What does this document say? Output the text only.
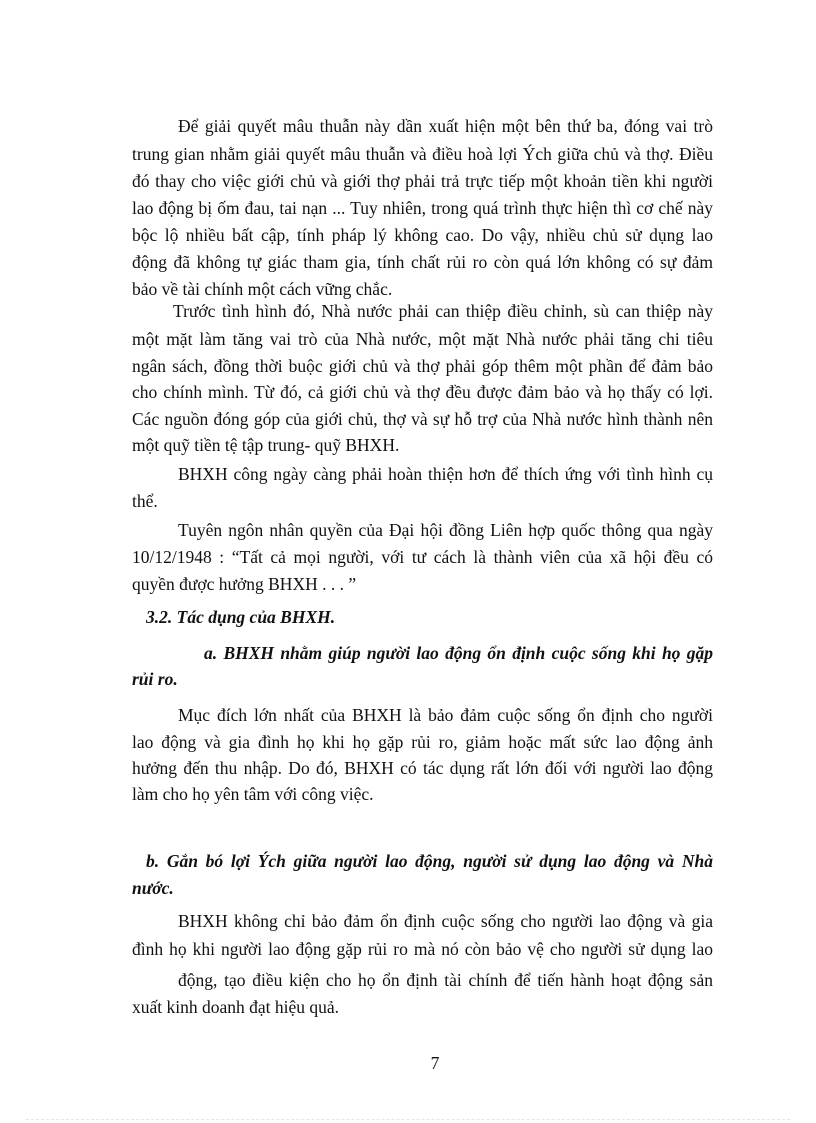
Để giải quyết mâu thuẫn này dần xuất hiện một bên thứ ba, đóng vai trò
trung gian nhằm giải quyết mâu thuẫn và điều hoà lợi Ých giữa chủ và thợ. Điều
đó thay cho việc giới chủ và giới thợ phải trả trực tiếp một khoản tiền khi người
lao động bị ốm đau, tai nạn ... Tuy nhiên, trong quá trình thực hiện thì cơ chế này
bộc lộ nhiều bất cập, tính pháp lý không cao. Do vậy, nhiều chủ sử dụng lao
động đã không tự giác tham gia, tính chất rủi ro còn quá lớn không có sự đảm
bảo về tài chính một cách vững chắc.
Trước tình hình đó, Nhà nước phải can thiệp điều chỉnh, sù can thiệp này
một mặt làm tăng vai trò của Nhà nước, một mặt Nhà nước phải tăng chi tiêu
ngân sách, đồng thời buộc giới chủ và thợ phải góp thêm một phần để đảm bảo
cho chính mình. Từ đó, cả giới chủ và thợ đều được đảm bảo và họ thấy có lợi.
Các nguồn đóng góp của giới chủ, thợ và sự hỗ trợ của Nhà nước hình thành nên
một quỹ tiền tệ tập trung- quỹ BHXH.
BHXH công ngày càng phải hoàn thiện hơn để thích ứng với tình hình cụ
thể.
Tuyên ngôn nhân quyền của Đại hội đồng Liên hợp quốc thông qua ngày
10/12/1948 : “Tất cả mọi người, với tư cách là thành viên của xã hội đều có
quyền được hưởng BHXH . . . ”
3.2. Tác dụng của BHXH.
a. BHXH nhằm giúp người lao động ổn định cuộc sống khi họ gặp
rủi ro.
Mục đích lớn nhất của BHXH là bảo đảm cuộc sống ổn định cho người
lao động và gia đình họ khi họ gặp rủi ro, giảm hoặc mất sức lao động ảnh
hưởng đến thu nhập. Do đó, BHXH có tác dụng rất lớn đối với người lao động
làm cho họ yên tâm với công việc.
b. Gắn bó lợi Ých giữa người lao động, người sử dụng lao động và Nhà
nước.
BHXH không chỉ bảo đảm ổn định cuộc sống cho người lao động và gia
đình họ khi người lao động gặp rủi ro mà nó còn bảo vệ cho người sử dụng lao
động, tạo điều kiện cho họ ổn định tài chính để tiến hành hoạt động sản
xuất kinh doanh đạt hiệu quả.
7
